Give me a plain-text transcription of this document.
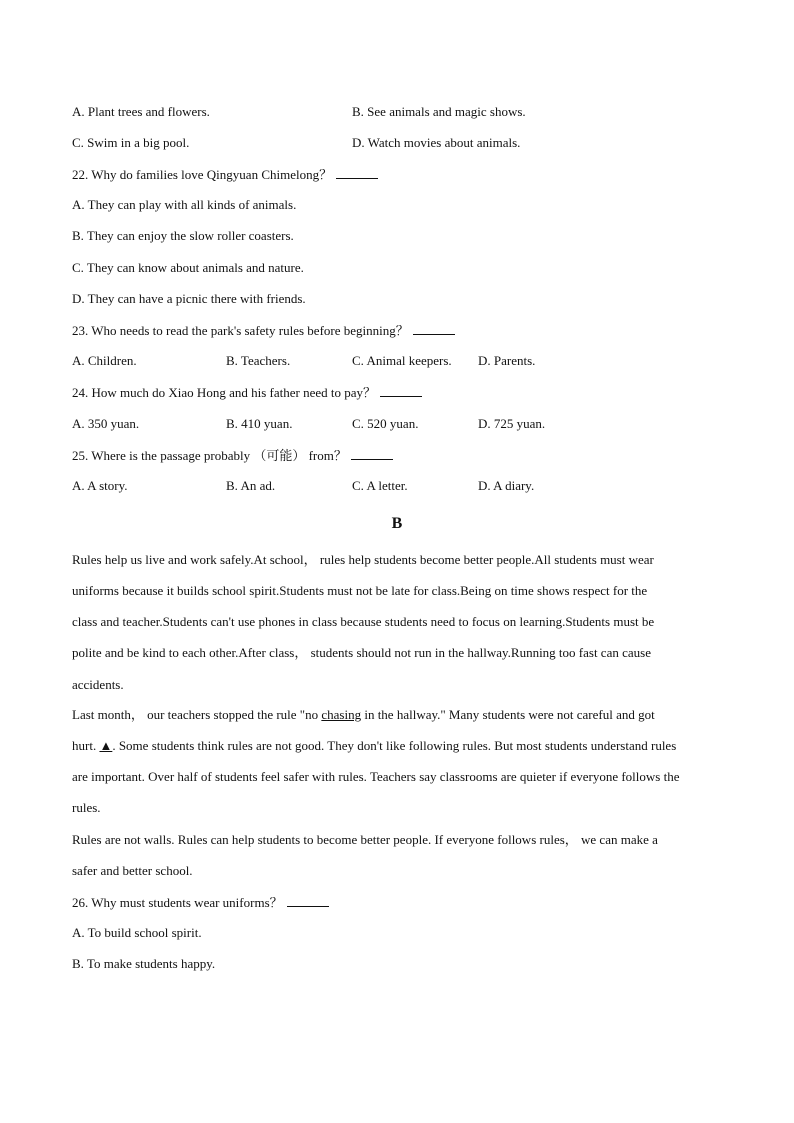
A. Plant trees and flowers.	B. See animals and magic shows.
C. Swim in a big pool.	D. Watch movies about animals.
22. Why do families love Qingyuan Chimelong？
A. They can play with all kinds of animals.
B. They can enjoy the slow roller coasters.
C. They can know about animals and nature.
D. They can have a picnic there with friends.
23. Who needs to read the park's safety rules before beginning？
A. Children.	B. Teachers.	C. Animal keepers. D. Parents.
24. How much do Xiao Hong and his father need to pay？
A. 350 yuan.	B. 410 yuan.	C. 520 yuan.	D. 725 yuan.
25. Where is the passage probably （可能） from？
A. A story.	B. An ad.	C. A letter.	D. A diary.
B
Rules help us live and work safely.At school， rules help students become better people.All students must wear
uniforms because it builds school spirit.Students must not be late for class.Being on time shows respect for the
class and teacher.Students can't use phones in class because students need to focus on learning.Students must be
polite and be kind to each other.After class， students should not run in the hallway.Running too fast can cause
accidents.
Last month， our teachers stopped the rule "no chasing in the hallway." Many students were not careful and got
hurt. ▲. Some students think rules are not good. They don't like following rules. But most students understand rules
are important. Over half of students feel safer with rules. Teachers say classrooms are quieter if everyone follows the
rules.
Rules are not walls. Rules can help students to become better people. If everyone follows rules， we can make a
safer and better school.
26. Why must students wear uniforms？
A. To build school spirit.
B. To make students happy.
